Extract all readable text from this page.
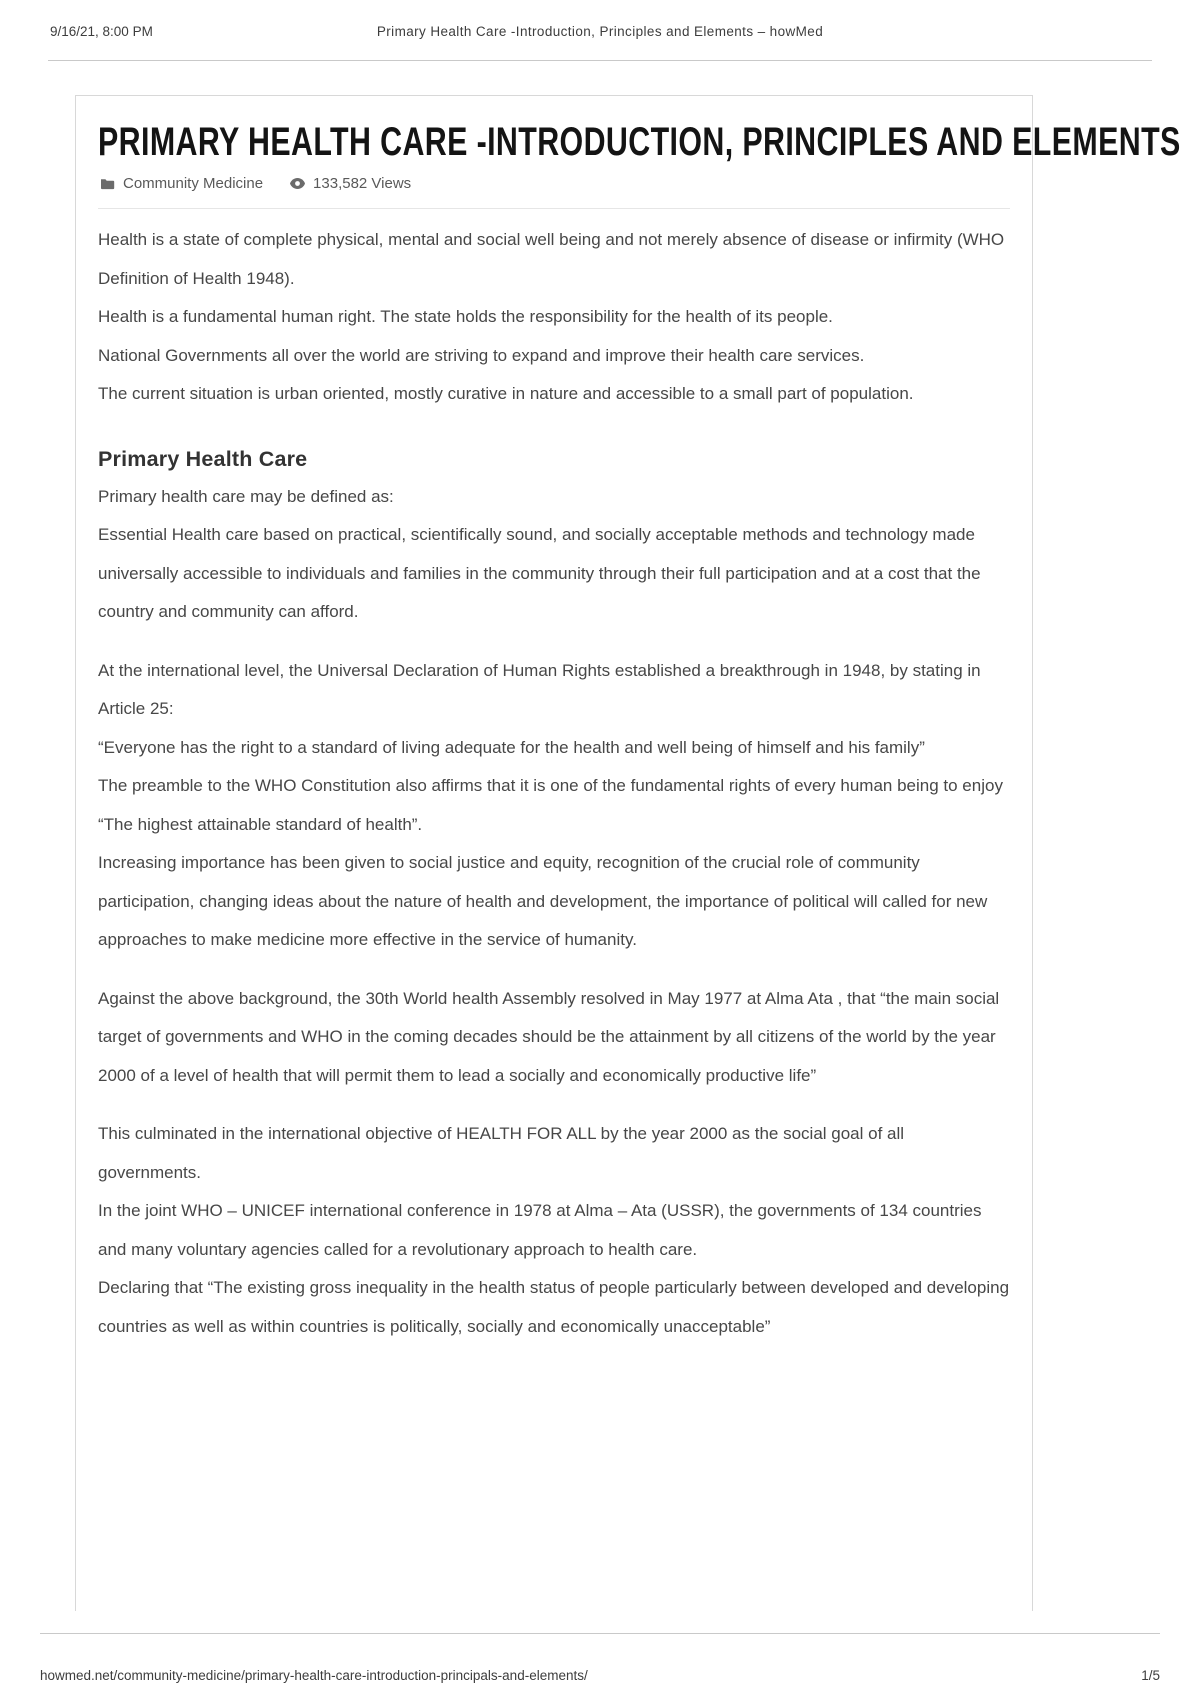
9/16/21, 8:00 PM	Primary Health Care -Introduction, Principles and Elements – howMed
PRIMARY HEALTH CARE -INTRODUCTION, PRINCIPLES AND ELEMENTS
Community Medicine	133,582 Views

Health is a state of complete physical, mental and social well being and not merely absence of disease or infirmity (WHO Definition of Health 1948).

Health is a fundamental human right. The state holds the responsibility for the health of its people.

National Governments all over the world are striving to expand and improve their health care services.

The current situation is urban oriented, mostly curative in nature and accessible to a small part of population.

Primary Health Care

Primary health care may be defined as:

Essential Health care based on practical, scientifically sound, and socially acceptable methods and technology made universally accessible to individuals and families in the community through their full participation and at a cost that the country and community can afford.

At the international level, the Universal Declaration of Human Rights established a breakthrough in 1948, by stating in Article 25:

“Everyone has the right to a standard of living adequate for the health and well being of himself and his family”

The preamble to the WHO Constitution also affirms that it is one of the fundamental rights of every human being to enjoy “The highest attainable standard of health”.

Increasing importance has been given to social justice and equity, recognition of the crucial role of community participation, changing ideas about the nature of health and development, the importance of political will called for new approaches to make medicine more effective in the service of humanity.

Against the above background, the 30th World health Assembly resolved in May 1977 at Alma Ata , that “the main social target of governments and WHO in the coming decades should be the attainment by all citizens of the world by the year 2000 of a level of health that will permit them to lead a socially and economically productive life”

This culminated in the international objective of HEALTH FOR ALL by the year 2000 as the social goal of all governments.

In the joint WHO – UNICEF international conference in 1978 at Alma – Ata (USSR), the governments of 134 countries and many voluntary agencies called for a revolutionary approach to health care.

Declaring that “The existing gross inequality in the health status of people particularly between developed and developing countries as well as within countries is politically, socially and economically unacceptable”

howmed.net/community-medicine/primary-health-care-introduction-principals-and-elements/	1/5
